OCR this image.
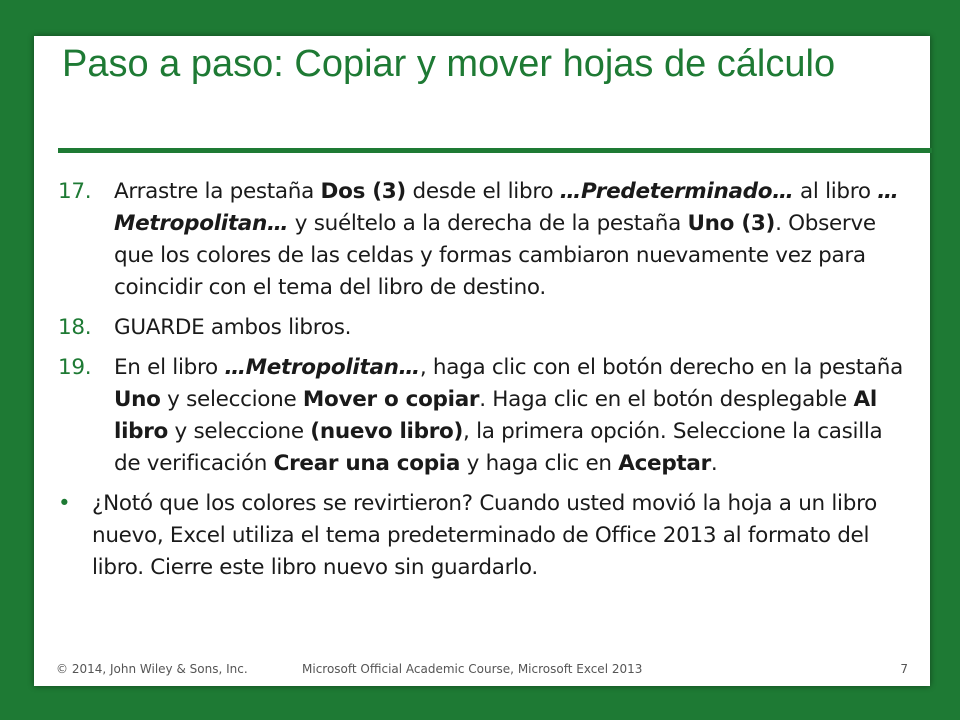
Paso a paso: Copiar y mover hojas de cálculo
17. Arrastre la pestaña Dos (3) desde el libro …Predeterminado… al libro …Metropolitan… y suéltelo a la derecha de la pestaña Uno (3). Observe que los colores de las celdas y formas cambiaron nuevamente vez para coincidir con el tema del libro de destino.
18. GUARDE ambos libros.
19. En el libro …Metropolitan…, haga clic con el botón derecho en la pestaña Uno y seleccione Mover o copiar. Haga clic en el botón desplegable Al libro y seleccione (nuevo libro), la primera opción. Seleccione la casilla de verificación Crear una copia y haga clic en Aceptar.
• ¿Notó que los colores se revirtieron? Cuando usted movió la hoja a un libro nuevo, Excel utiliza el tema predeterminado de Office 2013 al formato del libro. Cierre este libro nuevo sin guardarlo.
© 2014, John Wiley & Sons, Inc.	Microsoft Official Academic Course, Microsoft Excel 2013	7
